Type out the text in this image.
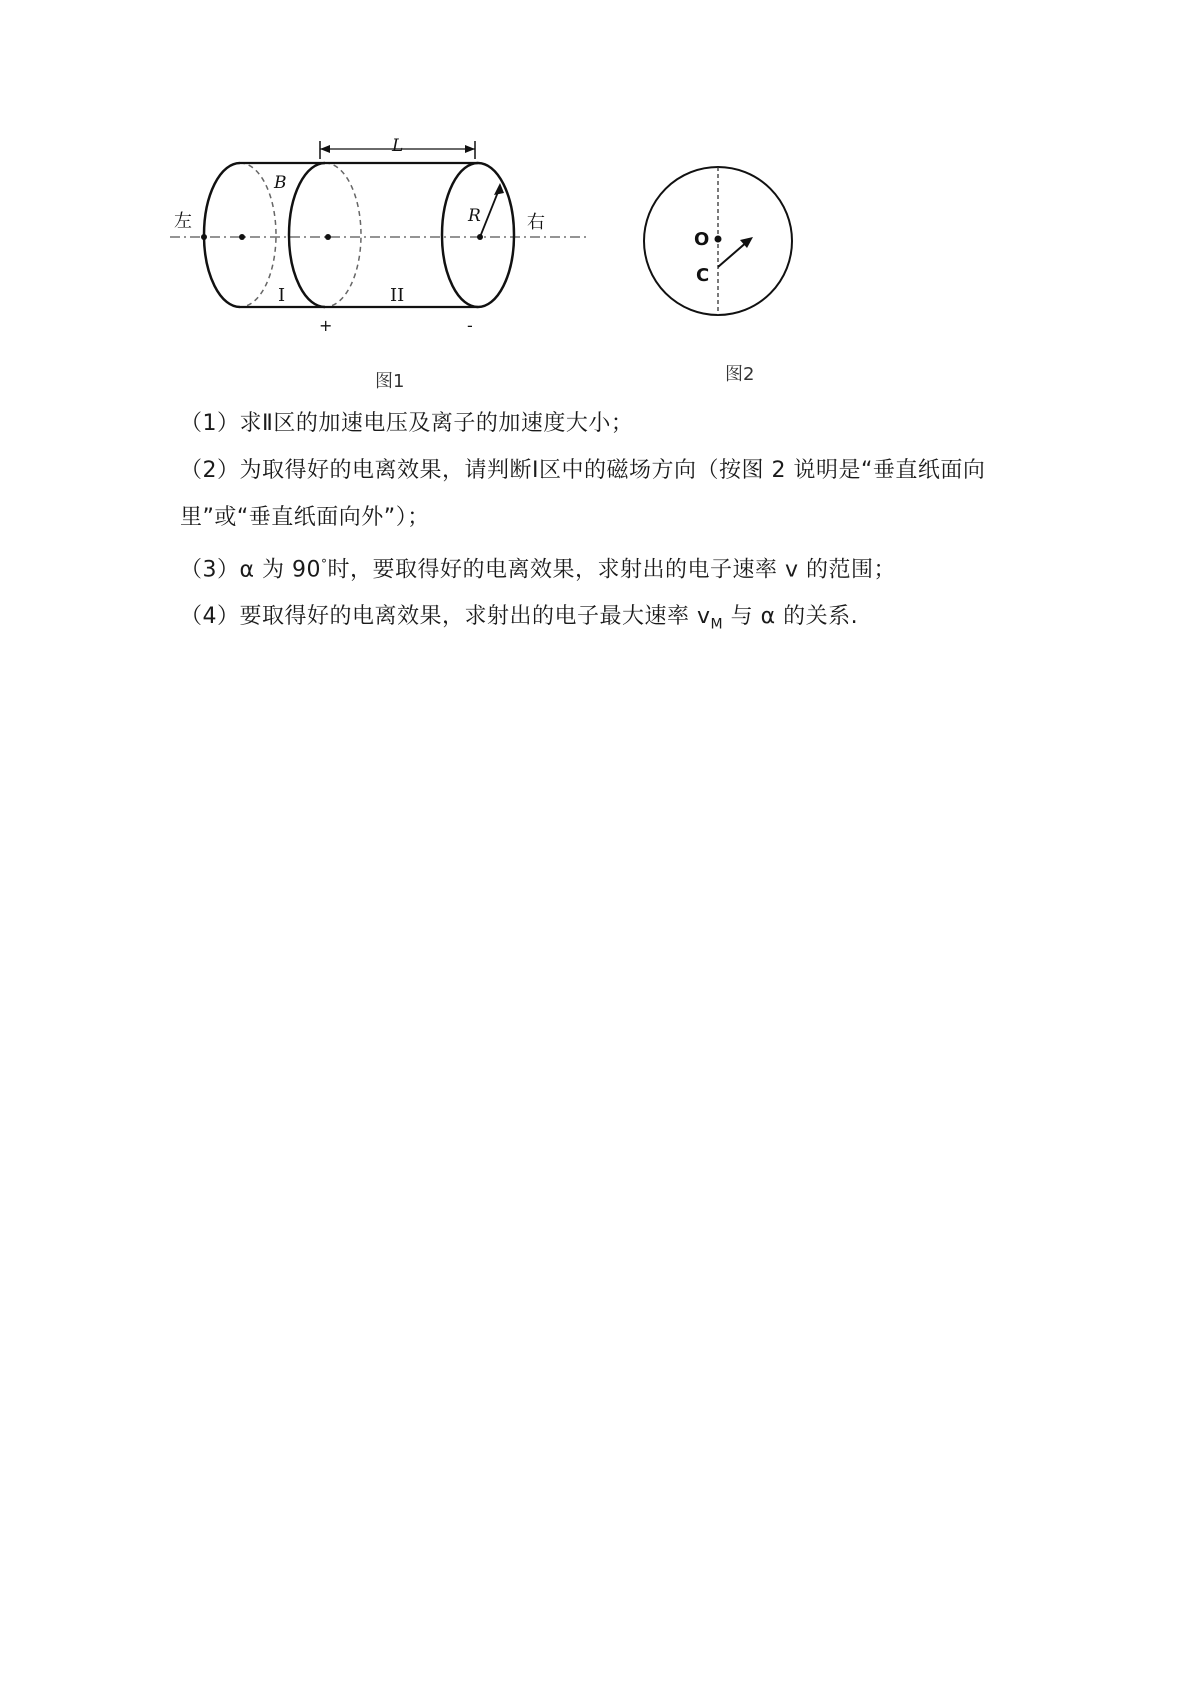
L
B
R
左	右
I	II
+	-
图1
O
C
图2

（1）求Ⅱ区的加速电压及离子的加速度大小；

（2）为取得好的电离效果，请判断Ⅰ区中的磁场方向（按图 2 说明是“垂直纸面向里”或“垂直纸面向外”）；

（3）α 为 90°时，要取得好的电离效果，求射出的电子速率 v 的范围；

（4）要取得好的电离效果，求射出的电子最大速率 $v_M$ 与 α 的关系.
